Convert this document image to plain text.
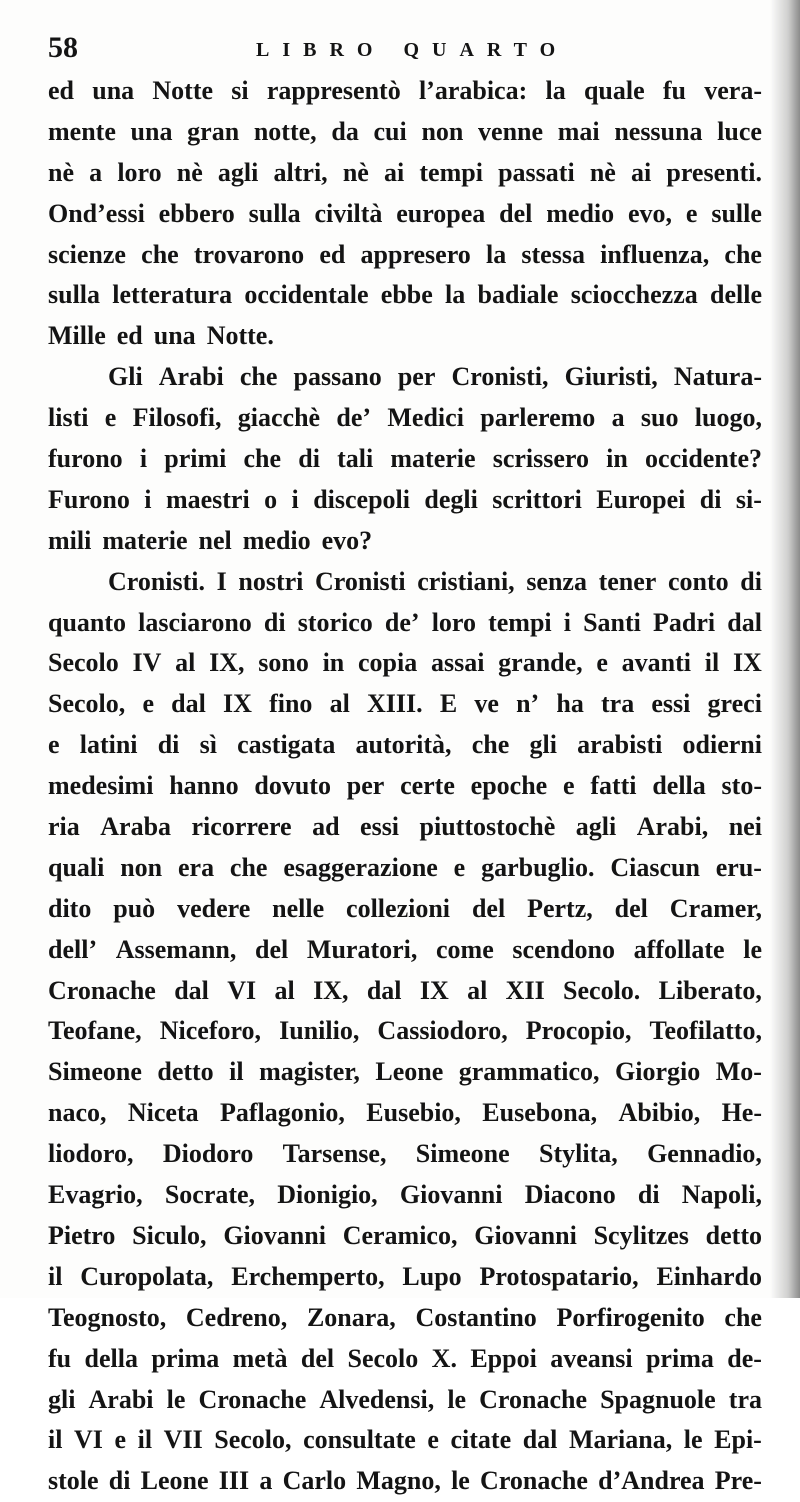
58	LIBRO QUARTO
ed una Notte si rappresentò l’arabica: la quale fu vera-
mente una gran notte, da cui non venne mai nessuna luce
nè a loro nè agli altri, nè ai tempi passati nè ai presenti.
Ond’essi ebbero sulla civiltà europea del medio evo, e sulle
scienze che trovarono ed appresero la stessa influenza, che
sulla letteratura occidentale ebbe la badiale sciocchezza delle
Mille ed una Notte.
Gli Arabi che passano per Cronisti, Giuristi, Natura-
listi e Filosofi, giacchè de’ Medici parleremo a suo luogo,
furono i primi che di tali materie scrissero in occidente?
Furono i maestri o i discepoli degli scrittori Europei di si-
mili materie nel medio evo?
Cronisti. I nostri Cronisti cristiani, senza tener conto di
quanto lasciarono di storico de’ loro tempi i Santi Padri dal
Secolo IV al IX, sono in copia assai grande, e avanti il IX
Secolo, e dal IX fino al XIII. E ve n’ ha tra essi greci
e latini di sì castigata autorità, che gli arabisti odierni
medesimi hanno dovuto per certe epoche e fatti della sto-
ria Araba ricorrere ad essi piuttostochè agli Arabi, nei
quali non era che esaggerazione e garbuglio. Ciascun eru-
dito può vedere nelle collezioni del Pertz, del Cramer,
dell’ Assemann, del Muratori, come scendono affollate le
Cronache dal VI al IX, dal IX al XII Secolo. Liberato,
Teofane, Niceforo, Iunilio, Cassiodoro, Procopio, Teofilatto,
Simeone detto il magister, Leone grammatico, Giorgio Mo-
naco, Niceta Paflagonio, Eusebio, Eusebona, Abibio, He-
liodoro, Diodoro Tarsense, Simeone Stylita, Gennadio,
Evagrio, Socrate, Dionigio, Giovanni Diacono di Napoli,
Pietro Siculo, Giovanni Ceramico, Giovanni Scylitzes detto
il Curopolata, Erchemperto, Lupo Protospatario, Einhardo
Teognosto, Cedreno, Zonara, Costantino Porfirogenito che
fu della prima metà del Secolo X. Eppoi aveansi prima de-
gli Arabi le Cronache Alvedensi, le Cronache Spagnuole tra
il VI e il VII Secolo, consultate e citate dal Mariana, le Epi-
stole di Leone III a Carlo Magno, le Cronache d’Andrea Pre-
